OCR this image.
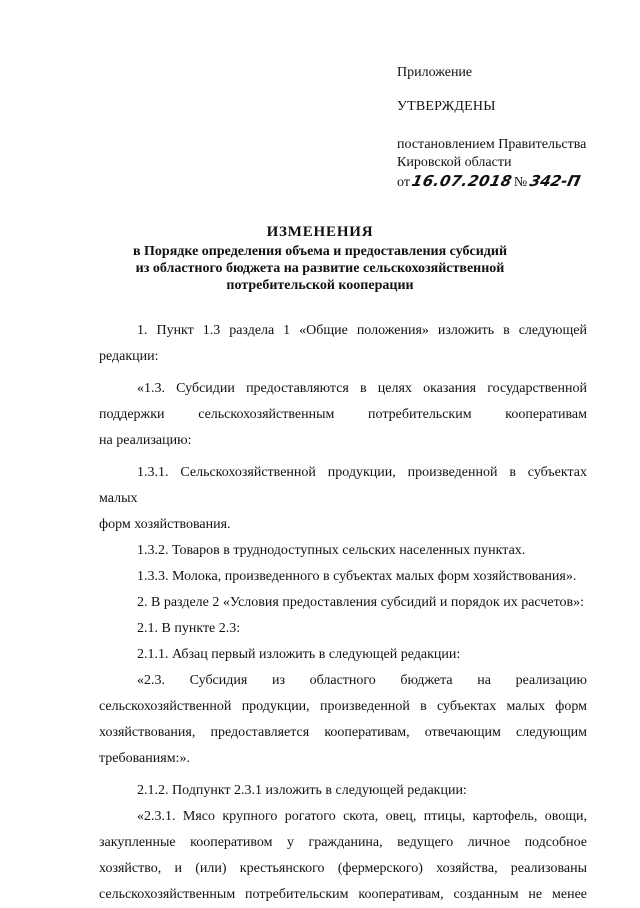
Приложение
УТВЕРЖДЕНЫ
постановлением Правительства
Кировской области
от 16.07.2018 № 342-П
ИЗМЕНЕНИЯ
в Порядке определения объема и предоставления субсидий
из областного бюджета на развитие сельскохозяйственной
потребительской кооперации

1. Пункт 1.3 раздела 1 «Общие положения» изложить в следующей

редакции:

«1.3. Субсидии предоставляются в целях оказания государственной

поддержки сельскохозяйственным потребительским кооперативам

на реализацию:

1.3.1. Сельскохозяйственной продукции, произведенной в субъектах малых

форм хозяйствования.

1.3.2. Товаров в труднодоступных сельских населенных пунктах.

1.3.3. Молока, произведенного в субъектах малых форм хозяйствования».

2. В разделе 2 «Условия предоставления субсидий и порядок их расчетов»:

2.1. В пункте 2.3:

2.1.1. Абзац первый изложить в следующей редакции:

«2.3. Субсидия из областного бюджета на реализацию

сельскохозяйственной продукции, произведенной в субъектах малых форм

хозяйствования, предоставляется кооперативам, отвечающим следующим

требованиям:».

2.1.2. Подпункт 2.3.1 изложить в следующей редакции:

«2.3.1. Мясо крупного рогатого скота, овец, птицы, картофель, овощи,

закупленные кооперативом у гражданина, ведущего личное подсобное

хозяйство, и (или) крестьянского (фермерского) хозяйства, реализованы

сельскохозяйственным потребительским кооперативам, созданным не менее
